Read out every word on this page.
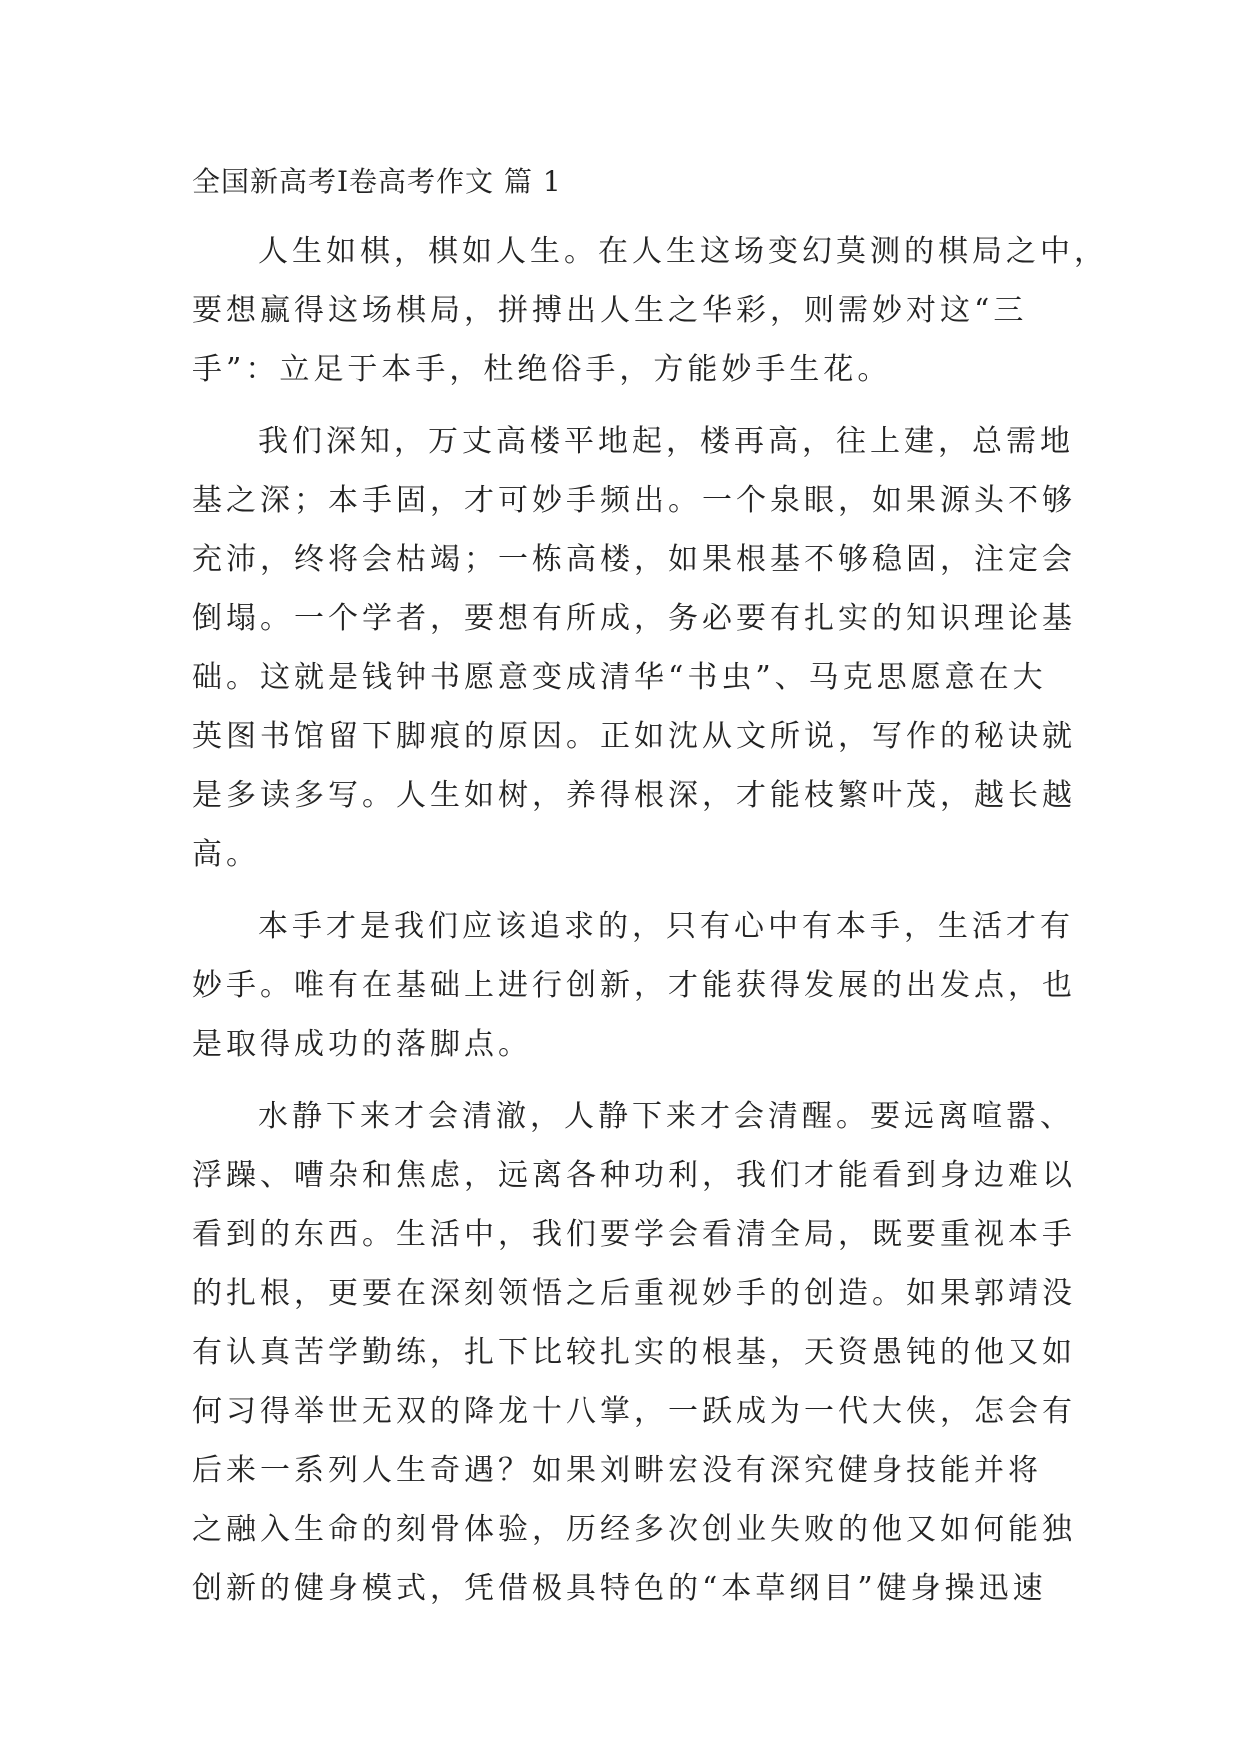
全国新高考Ⅰ卷高考作文 篇 1
人生如棋，棋如人生。在人生这场变幻莫测的棋局之中，
要想赢得这场棋局，拼搏出人生之华彩，则需妙对这“三
手”：立足于本手，杜绝俗手，方能妙手生花。
我们深知，万丈高楼平地起，楼再高，往上建，总需地
基之深；本手固，才可妙手频出。一个泉眼，如果源头不够
充沛，终将会枯竭；一栋高楼，如果根基不够稳固，注定会
倒塌。一个学者，要想有所成，务必要有扎实的知识理论基
础。这就是钱钟书愿意变成清华“书虫”、马克思愿意在大
英图书馆留下脚痕的原因。正如沈从文所说，写作的秘诀就
是多读多写。人生如树，养得根深，才能枝繁叶茂，越长越
高。
本手才是我们应该追求的，只有心中有本手，生活才有
妙手。唯有在基础上进行创新，才能获得发展的出发点，也
是取得成功的落脚点。
水静下来才会清澈，人静下来才会清醒。要远离喧嚣、
浮躁、嘈杂和焦虑，远离各种功利，我们才能看到身边难以
看到的东西。生活中，我们要学会看清全局，既要重视本手
的扎根，更要在深刻领悟之后重视妙手的创造。如果郭靖没
有认真苦学勤练，扎下比较扎实的根基，天资愚钝的他又如
何习得举世无双的降龙十八掌，一跃成为一代大侠，怎会有
后来一系列人生奇遇？如果刘畊宏没有深究健身技能并将
之融入生命的刻骨体验，历经多次创业失败的他又如何能独
创新的健身模式，凭借极具特色的“本草纲目”健身操迅速
